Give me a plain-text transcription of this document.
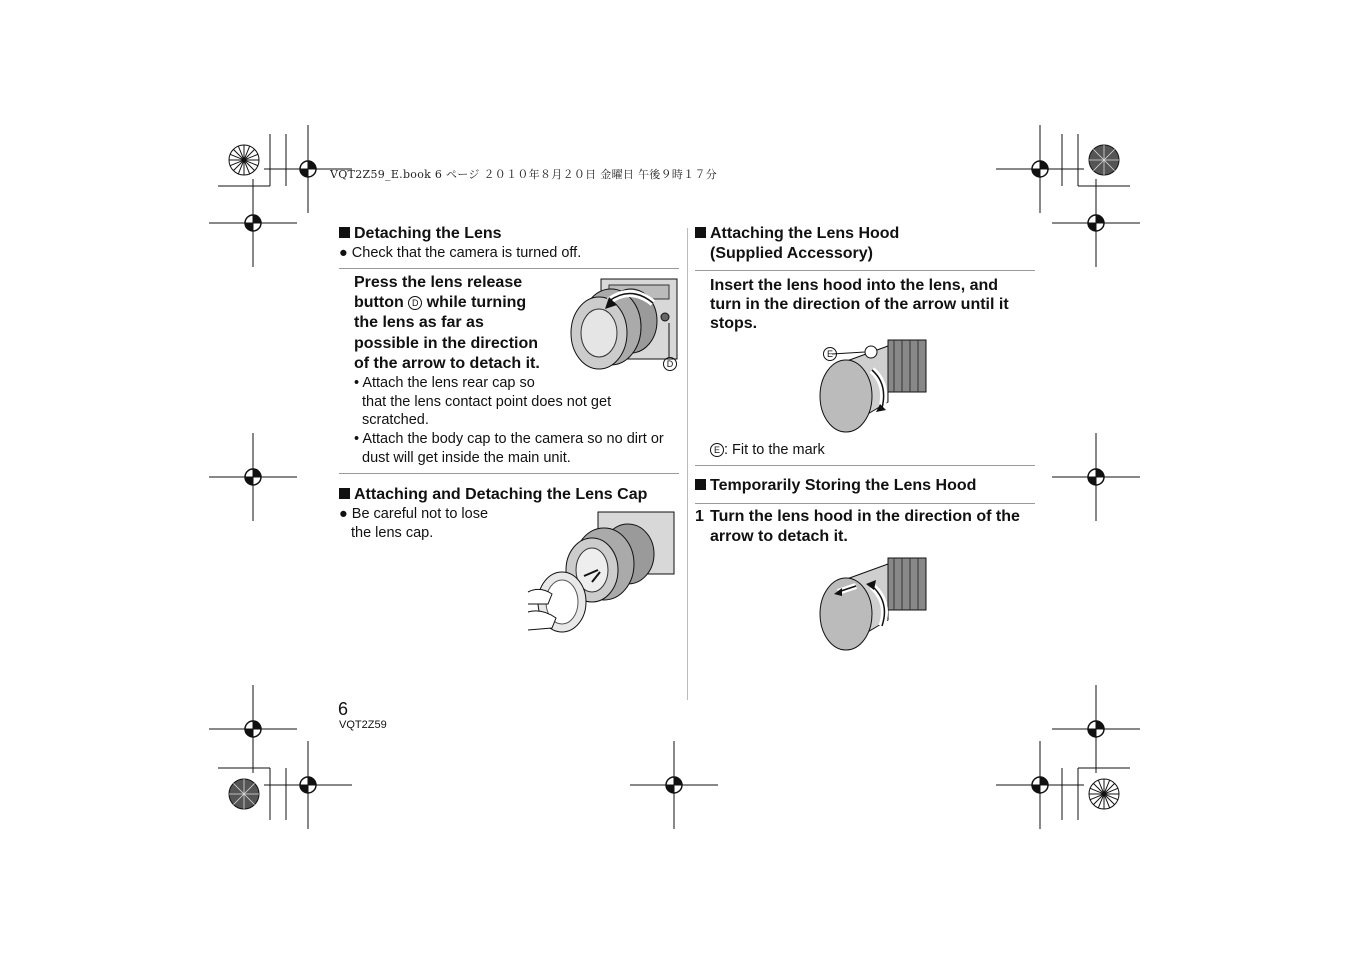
VQT2Z59_E.book 6 ページ ２０１０年８月２０日 金曜日 午後９時１７分
Detaching the Lens
● Check that the camera is turned off.
Press the lens release
button D while turning
the lens as far as
possible in the direction
of the arrow to detach it.	D
• Attach the lens rear cap so
that the lens contact point does not get
scratched.
• Attach the body cap to the camera so no dirt or
dust will get inside the main unit.
Attaching and Detaching the Lens Cap
● Be careful not to lose
the lens cap.
Attaching the Lens Hood
(Supplied Accessory)
Insert the lens hood into the lens, and
turn in the direction of the arrow until it
stops.
E
E : Fit to the mark
Temporarily Storing the Lens Hood
1 Turn the lens hood in the direction of the
arrow to detach it.
6
VQT2Z59
